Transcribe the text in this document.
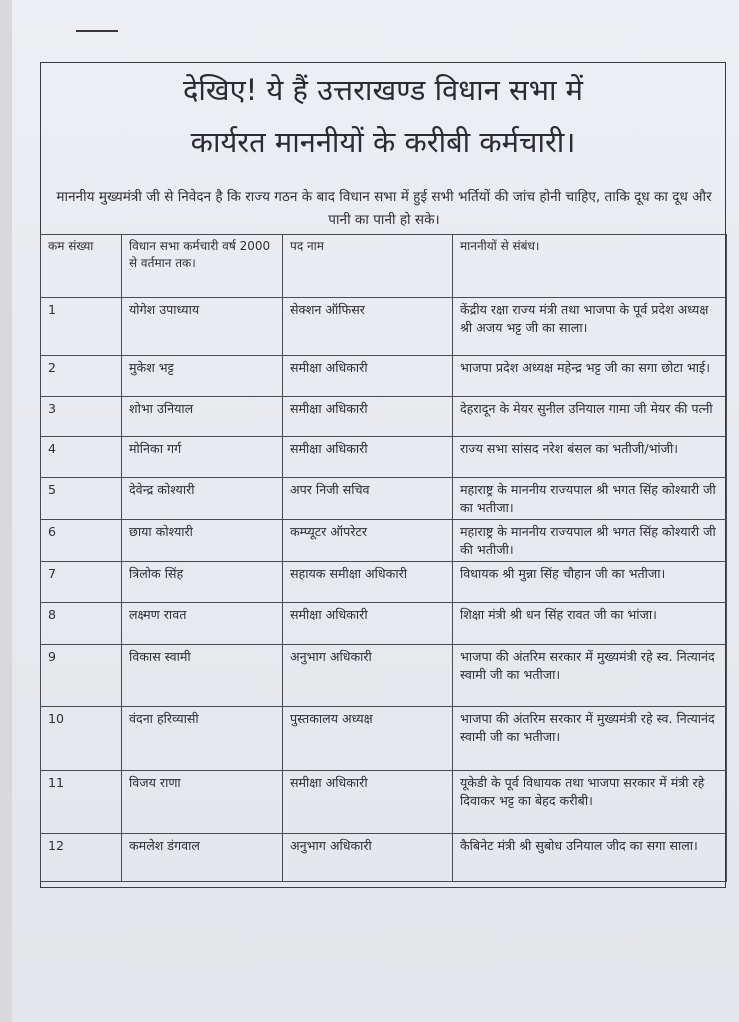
देखिए! ये हैं उत्तराखण्ड विधान सभा में
कार्यरत माननीयों के करीबी कर्मचारी।
माननीय मुख्यमंत्री जी से निवेदन है कि राज्य गठन के बाद विधान सभा में हुई सभी भर्तियों की जांच होनी चाहिए, ताकि दूध का दूध और पानी का पानी हो सके।
कम संख्या	विधान सभा कर्मचारी वर्ष 2000 से वर्तमान तक।	पद नाम	माननीयों से संबंध।
1	योगेश उपाध्याय	सेक्शन ऑफिसर	केंद्रीय रक्षा राज्य मंत्री तथा भाजपा के पूर्व प्रदेश अध्यक्ष श्री अजय भट्ट जी का साला।
2	मुकेश भट्ट	समीक्षा अधिकारी	भाजपा प्रदेश अध्यक्ष महेन्द्र भट्ट जी का सगा छोटा भाई।
3	शोभा उनियाल	समीक्षा अधिकारी	देहरादून के मेयर सुनील उनियाल गामा जी मेयर की पत्नी
4	मोनिका गर्ग	समीक्षा अधिकारी	राज्य सभा सांसद नरेश बंसल का भतीजी/भांजी।
5	देवेन्द्र कोश्यारी	अपर निजी सचिव	महाराष्ट्र के माननीय राज्यपाल श्री भगत सिंह कोश्यारी जी का भतीजा।
6	छाया कोश्यारी	कम्प्यूटर ऑपरेटर	महाराष्ट्र के माननीय राज्यपाल श्री भगत सिंह कोश्यारी जी की भतीजी।
7	त्रिलोक सिंह	सहायक समीक्षा अधिकारी	विधायक श्री मुन्ना सिंह चौहान जी का भतीजा।
8	लक्ष्मण रावत	समीक्षा अधिकारी	शिक्षा मंत्री श्री धन सिंह रावत जी का भांजा।
9	विकास स्वामी	अनुभाग अधिकारी	भाजपा की अंतरिम सरकार में मुख्यमंत्री रहे स्व. नित्यानंद स्वामी जी का भतीजा।
10	वंदना हरिव्यासी	पुस्तकालय अध्यक्ष	भाजपा की अंतरिम सरकार में मुख्यमंत्री रहे स्व. नित्यानंद स्वामी जी का भतीजा।
11	विजय राणा	समीक्षा अधिकारी	यूकेडी के पूर्व विधायक तथा भाजपा सरकार में मंत्री रहे दिवाकर भट्ट का बेहद करीबी।
12	कमलेश डंगवाल	अनुभाग अधिकारी	कैबिनेट मंत्री श्री सुबोध उनियाल जीद का सगा साला।
